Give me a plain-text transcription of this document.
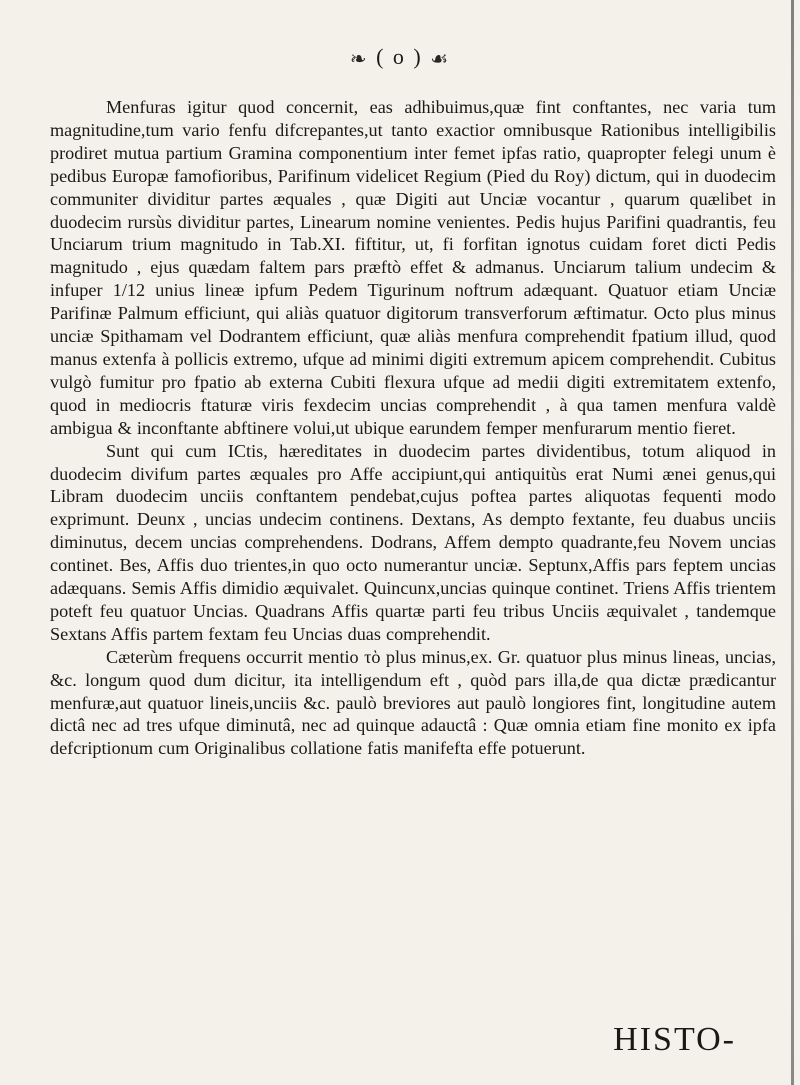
❧ ( o ) ☙

Menfuras igitur quod concernit, eas adhibuimus,quæ fint conftantes, nec varia tum magnitudine,tum vario fenfu difcrepantes,ut tanto exactior omnibusque Rationibus intelligibilis prodiret mutua partium Gramina componentium inter femet ipfas ratio, quapropter felegi unum è pedibus Europæ famofioribus, Parifinum videlicet Regium (Pied du Roy) dictum, qui in duodecim communiter dividitur partes æquales , quæ Digiti aut Unciæ vocantur , quarum quælibet in duodecim rursùs dividitur partes, Linearum nomine venientes. Pedis hujus Parifini quadrantis, feu Unciarum trium magnitudo in Tab.XI. fiftitur, ut, fi forfitan ignotus cuidam foret dicti Pedis magnitudo , ejus quædam faltem pars præftò effet & admanus. Unciarum talium undecim & infuper 1/12 unius lineæ ipfum Pedem Tigurinum noftrum adæquant. Quatuor etiam Unciæ Parifinæ Palmum efficiunt, qui aliàs quatuor digitorum transverforum æftimatur. Octo plus minus unciæ Spithamam vel Dodrantem efficiunt, quæ aliàs menfura comprehendit fpatium illud, quod manus extenfa à pollicis extremo, ufque ad minimi digiti extremum apicem comprehendit. Cubitus vulgò fumitur pro fpatio ab externa Cubiti flexura ufque ad medii digiti extremitatem extenfo, quod in mediocris ftaturæ viris fexdecim uncias comprehendit , à qua tamen menfura valdè ambigua & inconftante abftinere volui,ut ubique earundem femper menfurarum mentio fieret.

Sunt qui cum ICtis, hæreditates in duodecim partes dividentibus, totum aliquod in duodecim divifum partes æquales pro Affe accipiunt,qui antiquitùs erat Numi ænei genus,qui Libram duodecim unciis conftantem pendebat,cujus poftea partes aliquotas fequenti modo exprimunt. Deunx , uncias undecim continens. Dextans, As dempto fextante, feu duabus unciis diminutus, decem uncias comprehendens. Dodrans, Affem dempto quadrante,feu Novem uncias continet. Bes, Affis duo trientes,in quo octo numerantur unciæ. Septunx,Affis pars feptem uncias adæquans. Semis Affis dimidio æquivalet. Quincunx,uncias quinque continet. Triens Affis trientem poteft feu quatuor Uncias. Quadrans Affis quartæ parti feu tribus Unciis æquivalet , tandemque Sextans Affis partem fextam feu Uncias duas comprehendit.

Cæterùm frequens occurrit mentio τὸ plus minus,ex. Gr. quatuor plus minus lineas, uncias, &c. longum quod dum dicitur, ita intelligendum eft , quòd pars illa,de qua dictæ prædicantur menfuræ,aut quatuor lineis,unciis &c. paulò breviores aut paulò longiores fint, longitudine autem dictâ nec ad tres ufque diminutâ, nec ad quinque adauctâ : Quæ omnia etiam fine monito ex ipfa defcriptionum cum Originalibus collatione fatis manifefta effe potuerunt.

HISTO-
